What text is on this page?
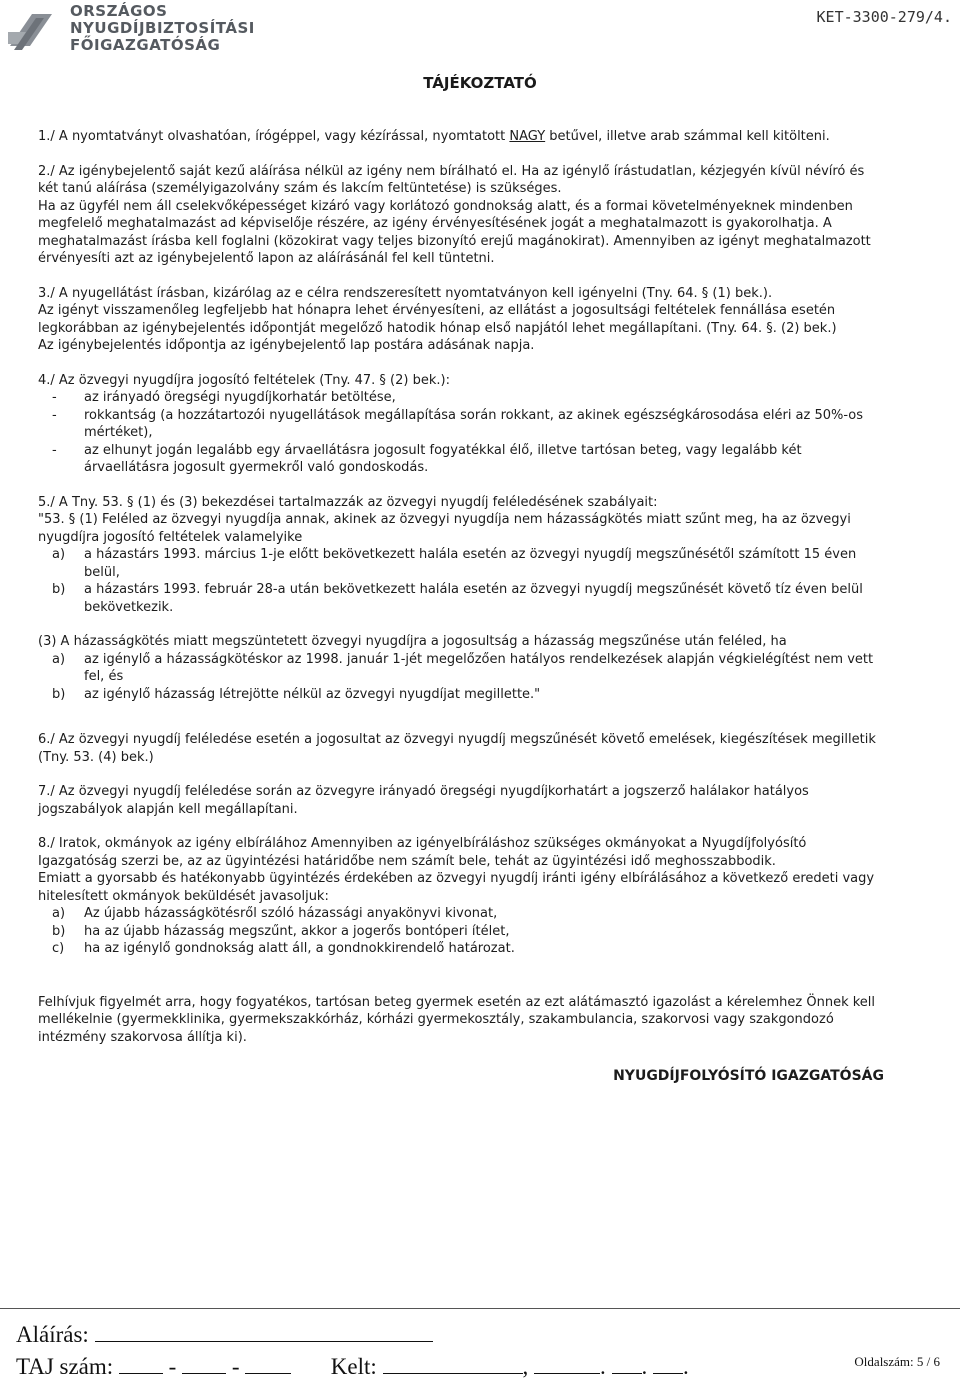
ORSZÁGOS
NYUGDÍJBIZTOSÍTÁSI
FŐIGAZGATÓSÁG
KET-3300-279/4.
TÁJÉKOZTATÓ

1./ A nyomtatványt olvashatóan, írógéppel, vagy kézírással, nyomtatott NAGY betűvel, illetve arab számmal kell kitölteni.

2./ Az igénybejelentő saját kezű aláírása nélkül az igény nem bírálható el. Ha az igénylő írástudatlan, kézjegyén kívül névíró és két tanú aláírása (személyigazolvány szám és lakcím feltüntetése) is szükséges.

Ha az ügyfél nem áll cselekvőképességet kizáró vagy korlátozó gondnokság alatt, és a formai követelményeknek mindenben megfelelő meghatalmazást ad képviselője részére, az igény érvényesítésének jogát a meghatalmazott is gyakorolhatja. A meghatalmazást írásba kell foglalni (közokirat vagy teljes bizonyító erejű magánokirat). Amennyiben az igényt meghatalmazott érvényesíti azt az igénybejelentő lapon az aláírásánál fel kell tüntetni.

3./ A nyugellátást írásban, kizárólag az e célra rendszeresített nyomtatványon kell igényelni (Tny. 64. § (1) bek.).

Az igényt visszamenőleg legfeljebb hat hónapra lehet érvényesíteni, az ellátást a jogosultsági feltételek fennállása esetén legkorábban az igénybejelentés időpontját megelőző hatodik hónap első napjától lehet megállapítani. (Tny. 64. §. (2) bek.)

Az igénybejelentés időpontja az igénybejelentő lap postára adásának napja.

4./ Az özvegyi nyugdíjra jogosító feltételek (Tny. 47. § (2) bek.):

- az irányadó öregségi nyugdíjkorhatár betöltése,
- rokkantság (a hozzátartozói nyugellátások megállapítása során rokkant, az akinek egészségkárosodása eléri az 50%-os mértéket),
- az elhunyt jogán legalább egy árvaellátásra jogosult fogyatékkal élő, illetve tartósan beteg, vagy legalább két árvaellátásra jogosult gyermekről való gondoskodás.

5./ A Tny. 53. § (1) és (3) bekezdései tartalmazzák az özvegyi nyugdíj feléledésének szabályait:

"53. § (1) Feléled az özvegyi nyugdíja annak, akinek az özvegyi nyugdíja nem házasságkötés miatt szűnt meg, ha az özvegyi nyugdíjra jogosító feltételek valamelyike

a) a házastárs 1993. március 1-je előtt bekövetkezett halála esetén az özvegyi nyugdíj megszűnésétől számított 15 éven belül,
b) a házastárs 1993. február 28-a után bekövetkezett halála esetén az özvegyi nyugdíj megszűnését követő tíz éven belül bekövetkezik.

(3) A házasságkötés miatt megszüntetett özvegyi nyugdíjra a jogosultság a házasság megszűnése után feléled, ha

a) az igénylő a házasságkötéskor az 1998. január 1-jét megelőzően hatályos rendelkezések alapján végkielégítést nem vett fel, és
b) az igénylő házasság létrejötte nélkül az özvegyi nyugdíjat megillette."

6./ Az özvegyi nyugdíj feléledése esetén a jogosultat az özvegyi nyugdíj megszűnését követő emelések, kiegészítések megilletik (Tny. 53. (4) bek.)

7./ Az özvegyi nyugdíj feléledése során az özvegyre irányadó öregségi nyugdíjkorhatárt a jogszerző halálakor hatályos jogszabályok alapján kell megállapítani.

8./ Iratok, okmányok az igény elbírálához Amennyiben az igényelbíráláshoz szükséges okmányokat a Nyugdíjfolyósító Igazgatóság szerzi be, az az ügyintézési határidőbe nem számít bele, tehát az ügyintézési idő meghosszabbodik.

Emiatt a gyorsabb és hatékonyabb ügyintézés érdekében az özvegyi nyugdíj iránti igény elbírálásához a következő eredeti vagy hitelesített okmányok beküldését javasoljuk:

a) Az újabb házasságkötésről szóló házassági anyakönyvi kivonat,
b) ha az újabb házasság megszűnt, akkor a jogerős bontóperi ítélet,
c) ha az igénylő gondnokság alatt áll, a gondnokkirendelő határozat.

Felhívjuk figyelmét arra, hogy fogyatékos, tartósan beteg gyermek esetén az ezt alátámasztó igazolást a kérelemhez Önnek kell mellékelnie (gyermekklinika, gyermekszakkórház, kórházi gyermekosztály, szakambulancia, szakorvosi vagy szakgondozó intézmény szakorvosa állítja ki).

NYUGDÍJFOLYÓSÍTÓ IGAZGATÓSÁG
Aláírás:
TAJ szám: - -	Kelt:	,	. . .	Oldalszám: 5 / 6
